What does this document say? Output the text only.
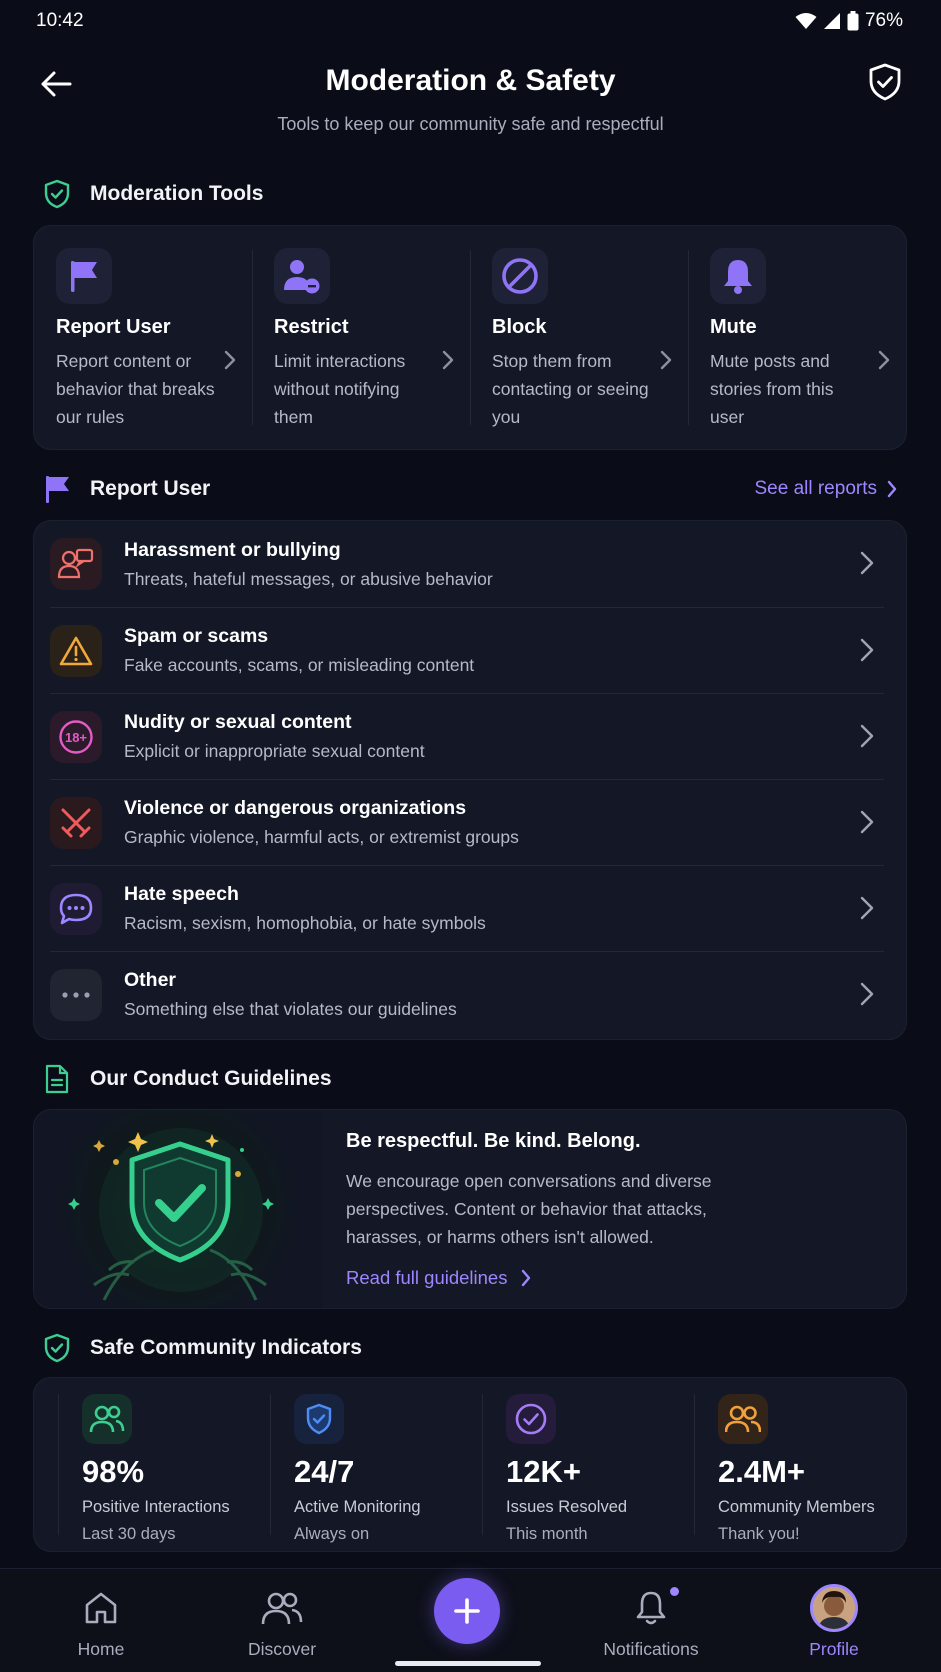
10:42	76%
Moderation & Safety
Tools to keep our community safe and respectful
Moderation Tools
Report User
Report content or behavior that breaks our rules
Restrict
Limit interactions without notifying them
Block
Stop them from contacting or seeing you
Mute
Mute posts and stories from this user
Report User	See all reports
Harassment or bullying
Threats, hateful messages, or abusive behavior
Spam or scams
Fake accounts, scams, or misleading content
18+
Nudity or sexual content
Explicit or inappropriate sexual content
Violence or dangerous organizations
Graphic violence, harmful acts, or extremist groups
Hate speech
Racism, sexism, homophobia, or hate symbols
Other
Something else that violates our guidelines
Our Conduct Guidelines
Be respectful. Be kind. Belong.
We encourage open conversations and diverse perspectives. Content or behavior that attacks, harasses, or harms others isn't allowed.
Read full guidelines
Safe Community Indicators
98%
Positive Interactions
Last 30 days
24/7
Active Monitoring
Always on
12K+
Issues Resolved
This month
2.4M+
Community Members
Thank you!
Home	Discover	Notifications	Profile
